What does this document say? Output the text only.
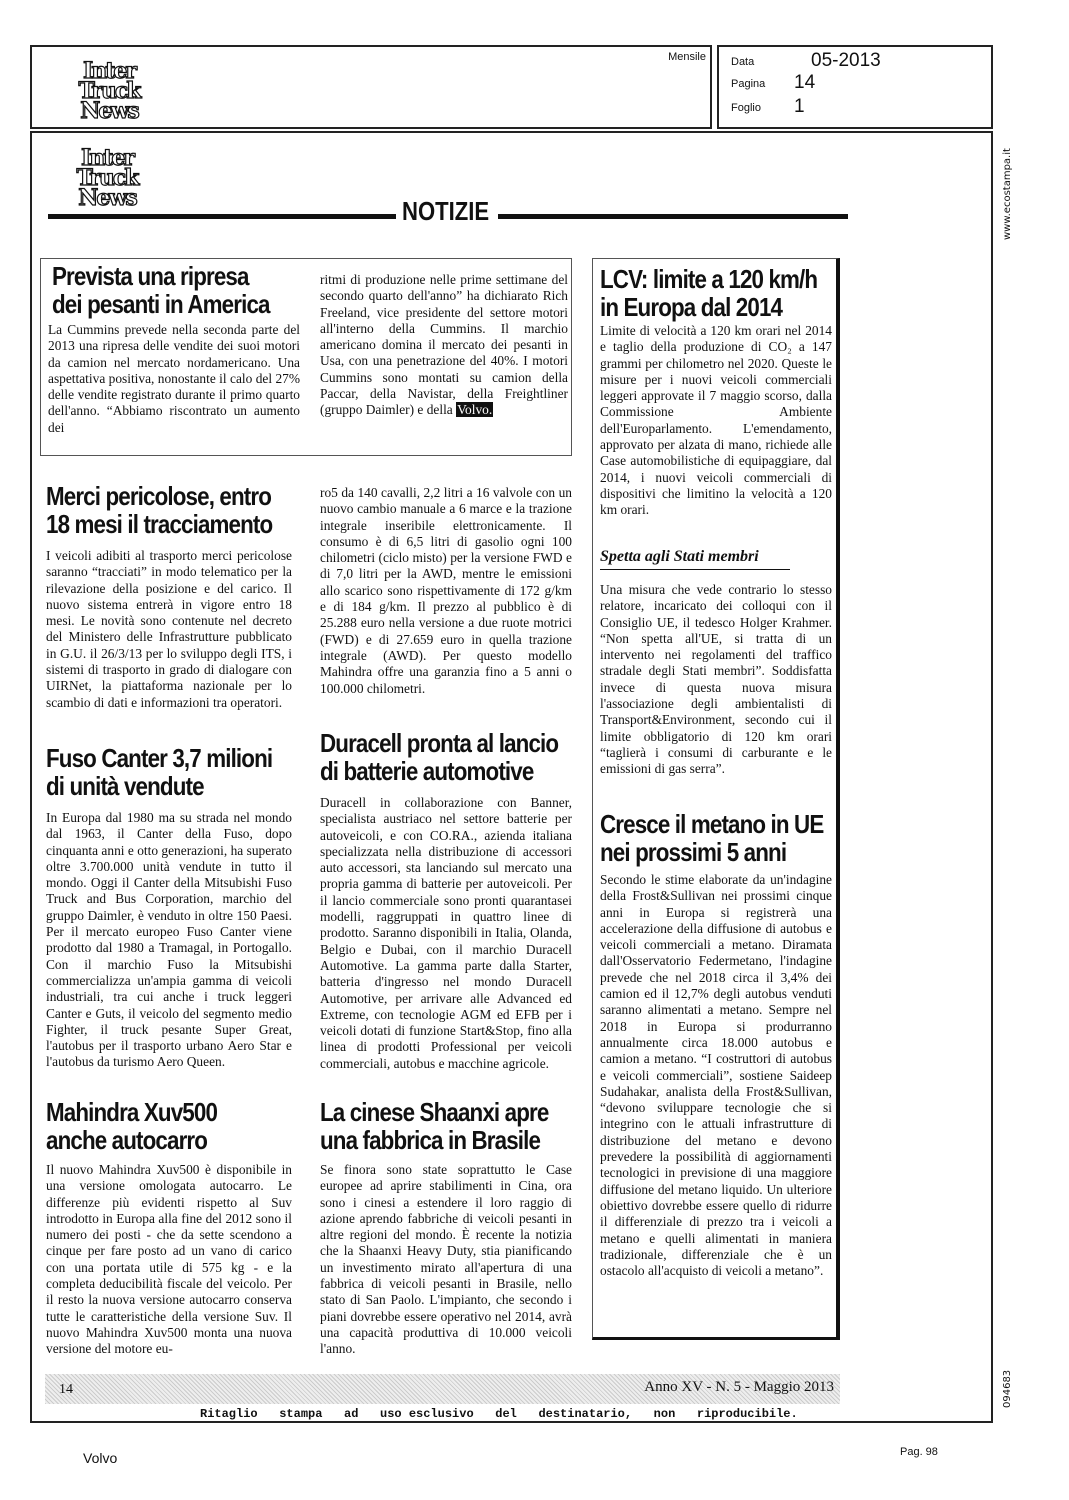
Inter Truck
News
Mensile Data	05-2013
Pagina 14
Foglio 1
www.ecostampa.it
094683
Inter Truck
News	NOTIZIE
Prevista una ripresa
dei pesanti in America
La Cummins prevede nella seconda parte del 2013 una ripresa delle vendite dei suoi motori da camion nel mercato nordamericano. Una aspettativa positiva, nonostante il calo del 27% delle vendite registrato durante il primo quarto dell'anno. “Abbiamo riscontrato un aumento dei
ritmi di produzione nelle prime settimane del secondo quarto dell'anno” ha dichiarato Rich Freeland, vice presidente del settore motori all'interno della Cummins. Il marchio americano domina il mercato dei pesanti in Usa, con una penetrazione del 40%. I motori Cummins sono montati su camion della Paccar, della Navistar, della Freightliner (gruppo Daimler) e della Volvo.
Merci pericolose, entro
18 mesi il tracciamento
I veicoli adibiti al trasporto merci pericolose saranno “tracciati” in modo telematico per la rilevazione della posizione e del carico. Il nuovo sistema entrerà in vigore entro 18 mesi. Le novità sono contenute nel decreto del Ministero delle Infrastrutture pubblicato in G.U. il 26/3/13 per lo sviluppo degli ITS, i sistemi di trasporto in grado di dialogare con UIRNet, la piattaforma nazionale per lo scambio di dati e informazioni tra operatori.
Fuso Canter 3,7 milioni
di unità vendute
In Europa dal 1980 ma su strada nel mondo dal 1963, il Canter della Fuso, dopo cinquanta anni e otto generazioni, ha superato oltre 3.700.000 unità vendute in tutto il mondo. Oggi il Canter della Mitsubishi Fuso Truck and Bus Corporation, marchio del gruppo Daimler, è venduto in oltre 150 Paesi. Per il mercato europeo Fuso Canter viene prodotto dal 1980 a Tramagal, in Portogallo. Con il marchio Fuso la Mitsubishi commercializza un'ampia gamma di veicoli industriali, tra cui anche i truck leggeri Canter e Guts, il veicolo del segmento medio Fighter, il truck pesante Super Great, l'autobus per il trasporto urbano Aero Star e l'autobus da turismo Aero Queen.
Mahindra Xuv500
anche autocarro
Il nuovo Mahindra Xuv500 è disponibile in una versione omologata autocarro. Le differenze più evidenti rispetto al Suv introdotto in Europa alla fine del 2012 sono il numero dei posti - che da sette scendono a cinque per fare posto ad un vano di carico con una portata utile di 575 kg - e la completa deducibilità fiscale del veicolo. Per il resto la nuova versione autocarro conserva tutte le caratteristiche della versione Suv. Il nuovo Mahindra Xuv500 monta una nuova versione del motore eu-
ro5 da 140 cavalli, 2,2 litri a 16 valvole con un nuovo cambio manuale a 6 marce e la trazione integrale inseribile elettronicamente. Il consumo è di 6,5 litri di gasolio ogni 100 chilometri (ciclo misto) per la versione FWD e di 7,0 litri per la AWD, mentre le emissioni allo scarico sono rispettivamente di 172 g/km e di 184 g/km. Il prezzo al pubblico è di 25.288 euro nella versione a due ruote motrici (FWD) e di 27.659 euro in quella trazione integrale (AWD). Per questo modello Mahindra offre una garanzia fino a 5 anni o 100.000 chilometri.
Duracell pronta al lancio
di batterie automotive
Duracell in collaborazione con Banner, specialista austriaco nel settore batterie per autoveicoli, e con CO.RA., azienda italiana specializzata nella distribuzione di accessori auto accessori, sta lanciando sul mercato una propria gamma di batterie per autoveicoli. Per il lancio commerciale sono pronti quarantasei modelli, raggruppati in quattro linee di prodotto. Saranno disponibili in Italia, Olanda, Belgio e Dubai, con il marchio Duracell Automotive. La gamma parte dalla Starter, batteria d'ingresso nel mondo Duracell Automotive, per arrivare alle Advanced ed Extreme, con tecnologie AGM ed EFB per i veicoli dotati di funzione Start&Stop, fino alla linea di prodotti Professional per veicoli commerciali, autobus e macchine agricole.
La cinese Shaanxi apre
una fabbrica in Brasile
Se finora sono state soprattutto le Case europee ad aprire stabilimenti in Cina, ora sono i cinesi a estendere il loro raggio di azione aprendo fabbriche di veicoli pesanti in altre regioni del mondo. È recente la notizia che la Shaanxi Heavy Duty, stia pianificando un investimento mirato all'apertura di una fabbrica di veicoli pesanti in Brasile, nello stato di San Paolo. L'impianto, che secondo i piani dovrebbe essere operativo nel 2014, avrà una capacità produttiva di 10.000 veicoli l'anno.
LCV: limite a 120 km/h
in Europa dal 2014
Limite di velocità a 120 km orari nel 2014 e taglio della produzione di CO₂ a 147 grammi per chilometro nel 2020. Queste le misure per i nuovi veicoli commerciali leggeri approvate il 7 maggio scorso, dalla Commissione Ambiente dell'Europarlamento. L'emendamento, approvato per alzata di mano, richiede alle Case automobilistiche di equipaggiare, dal 2014, i nuovi veicoli commerciali di dispositivi che limitino la velocità a 120 km orari.
Spetta agli Stati membri
Una misura che vede contrario lo stesso relatore, incaricato dei colloqui con il Consiglio UE, il tedesco Holger Krahmer. “Non spetta all'UE, si tratta di un intervento nei regolamenti del traffico stradale degli Stati membri”. Soddisfatta invece di questa nuova misura l'associazione degli ambientalisti di Transport&Environment, secondo cui il limite obbligatorio di 120 km orari “taglierà i consumi di carburante e le emissioni di gas serra”.
Cresce il metano in UE
nei prossimi 5 anni
Secondo le stime elaborate da un'indagine della Frost&Sullivan nei prossimi cinque anni in Europa si registrerà una accelerazione della diffusione di autobus e veicoli commerciali a metano. Diramata dall'Osservatorio Federmetano, l'indagine prevede che nel 2018 circa il 3,4% dei camion ed il 12,7% degli autobus venduti saranno alimentati a metano. Sempre nel 2018 in Europa si produrranno annualmente circa 18.000 autobus e camion a metano. “I costruttori di autobus e veicoli commerciali”, sostiene Saideep Sudahakar, analista della Frost&Sullivan, “devono sviluppare tecnologie che si integrino con le attuali infrastrutture di distribuzione del metano e devono prevedere la possibilità di aggiornamenti tecnologici in previsione di una maggiore diffusione del metano liquido. Un ulteriore obiettivo dovrebbe essere quello di ridurre il differenziale di prezzo tra i veicoli a metano e quelli alimentati in maniera tradizionale, differenziale che è un ostacolo all'acquisto di veicoli a metano”.
14	Anno XV - N. 5 - Maggio 2013
Ritaglio   stampa   ad   uso esclusivo   del   destinatario,   non   riproducibile.
Volvo	Pag. 98
